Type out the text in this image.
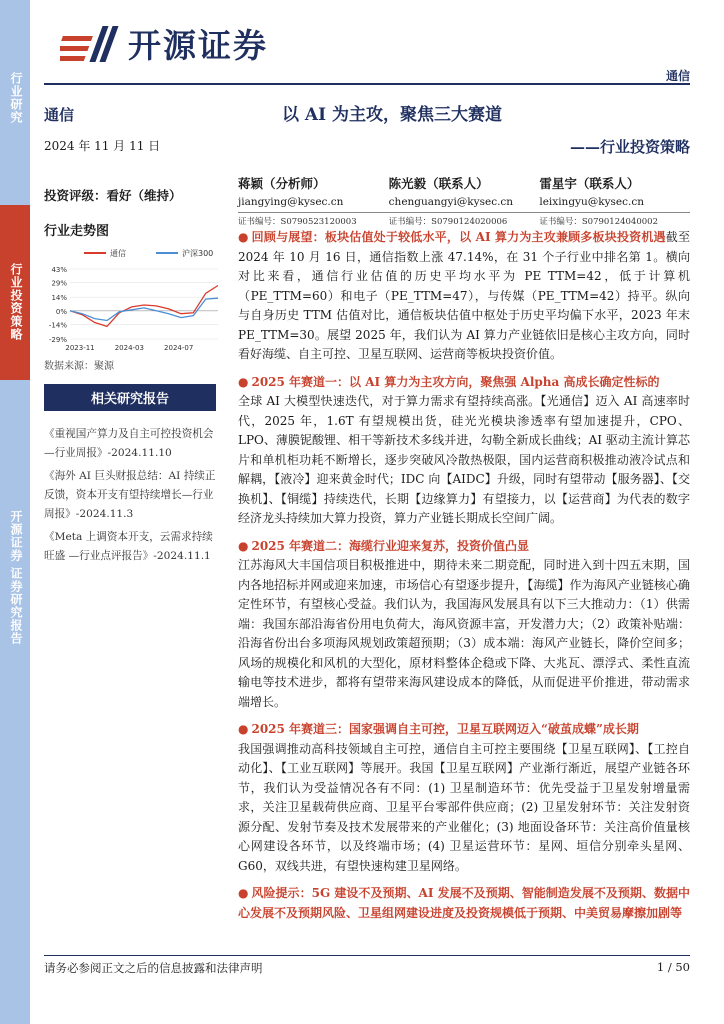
行业研究
行业投资策略
开源证券 证券研究报告
开源证券
通信
以 AI 为主攻，聚焦三大赛道
——行业投资策略
通信
2024 年 11 月 11 日
投资评级：看好（维持）
行业走势图
通信	沪深300
43%
29%
14%
0%
-14%
-29%
2023-11	2024-03	2024-07
数据来源：聚源
相关研究报告

《重视国产算力及自主可控投资机会—行业周报》-2024.11.10

《海外 AI 巨头财报总结：AI 持续正反馈，资本开支有望持续增长—行业周报》-2024.11.3

《Meta 上调资本开支，云需求持续旺盛 —行业点评报告》-2024.11.1

蒋颖（分析师）
jiangying@kysec.cn
证书编号：S0790523120003
陈光毅（联系人）
chenguangyi@kysec.cn
证书编号：S0790124020006
雷星宇（联系人）
leixingyu@kysec.cn
证书编号：S0790124040002

● 回顾与展望：板块估值处于较低水平，以 AI 算力为主攻兼顾多板块投资机遇截至 2024 年 10 月 16 日，通信指数上涨 47.14%，在 31 个子行业中排名第 1。横向对比来看，通信行业估值的历史平均水平为 PE TTM=42，低于计算机（PE_TTM=60）和电子（PE_TTM=47），与传媒（PE_TTM=42）持平。纵向与自身历史 TTM 估值对比，通信板块估值中枢处于历史平均偏下水平，2023 年末 PE_TTM=30。展望 2025 年，我们认为 AI 算力产业链依旧是核心主攻方向，同时看好海缆、自主可控、卫星互联网、运营商等板块投资价值。

● 2025 年赛道一：以 AI 算力为主攻方向，聚焦强 Alpha 高成长确定性标的
全球 AI 大模型快速迭代，对于算力需求有望持续高涨。【光通信】迈入 AI 高速率时代，2025 年，1.6T 有望规模出货，硅光光模块渗透率有望加速提升，CPO、LPO、薄膜铌酸锂、相干等新技术多线并进，勾勒全新成长曲线；AI 驱动主流计算芯片和单机柜功耗不断增长，逐步突破风冷散热极限，国内运营商积极推动液冷试点和解耦，【液冷】迎来黄金时代；IDC 向【AIDC】升级，同时有望带动【服务器】、【交换机】、【铜缆】持续迭代，长期【边缘算力】有望接力，以【运营商】为代表的数字经济龙头持续加大算力投资，算力产业链长期成长空间广阔。

● 2025 年赛道二：海缆行业迎来复苏，投资价值凸显
江苏海风大丰国信项目积极推进中，期待未来二期竞配，同时进入到十四五末期，国内各地招标并网或迎来加速，市场信心有望逐步提升，【海缆】作为海风产业链核心确定性环节，有望核心受益。我们认为，我国海风发展具有以下三大推动力：（1）供需端：我国东部沿海省份用电负荷大，海风资源丰富，开发潜力大；（2）政策补贴端：沿海省份出台多项海风规划政策超预期；（3）成本端：海风产业链长，降价空间多；风场的规模化和风机的大型化，原材料整体企稳或下降、大兆瓦、漂浮式、柔性直流输电等技术进步，都将有望带来海风建设成本的降低，从而促进平价推进，带动需求端增长。

● 2025 年赛道三：国家强调自主可控，卫星互联网迈入“破茧成蝶”成长期
我国强调推动高科技领域自主可控，通信自主可控主要围绕【卫星互联网】、【工控自动化】、【工业互联网】等展开。我国【卫星互联网】产业渐行渐近，展望产业链各环节，我们认为受益情况各有不同：(1) 卫星制造环节：优先受益于卫星发射增量需求，关注卫星载荷供应商、卫星平台零部件供应商；(2) 卫星发射环节：关注发射资源分配、发射节奏及技术发展带来的产业催化；(3) 地面设备环节：关注高价值量核心网建设各环节，以及终端市场；(4) 卫星运营环节：星网、垣信分别牵头星网、G60，双线共进，有望快速构建卫星网络。

● 风险提示：5G 建设不及预期、AI 发展不及预期、智能制造发展不及预期、数据中心发展不及预期风险、卫星组网建设进度及投资规模低于预期、中美贸易摩擦加剧等

请务必参阅正文之后的信息披露和法律声明	1 / 50
